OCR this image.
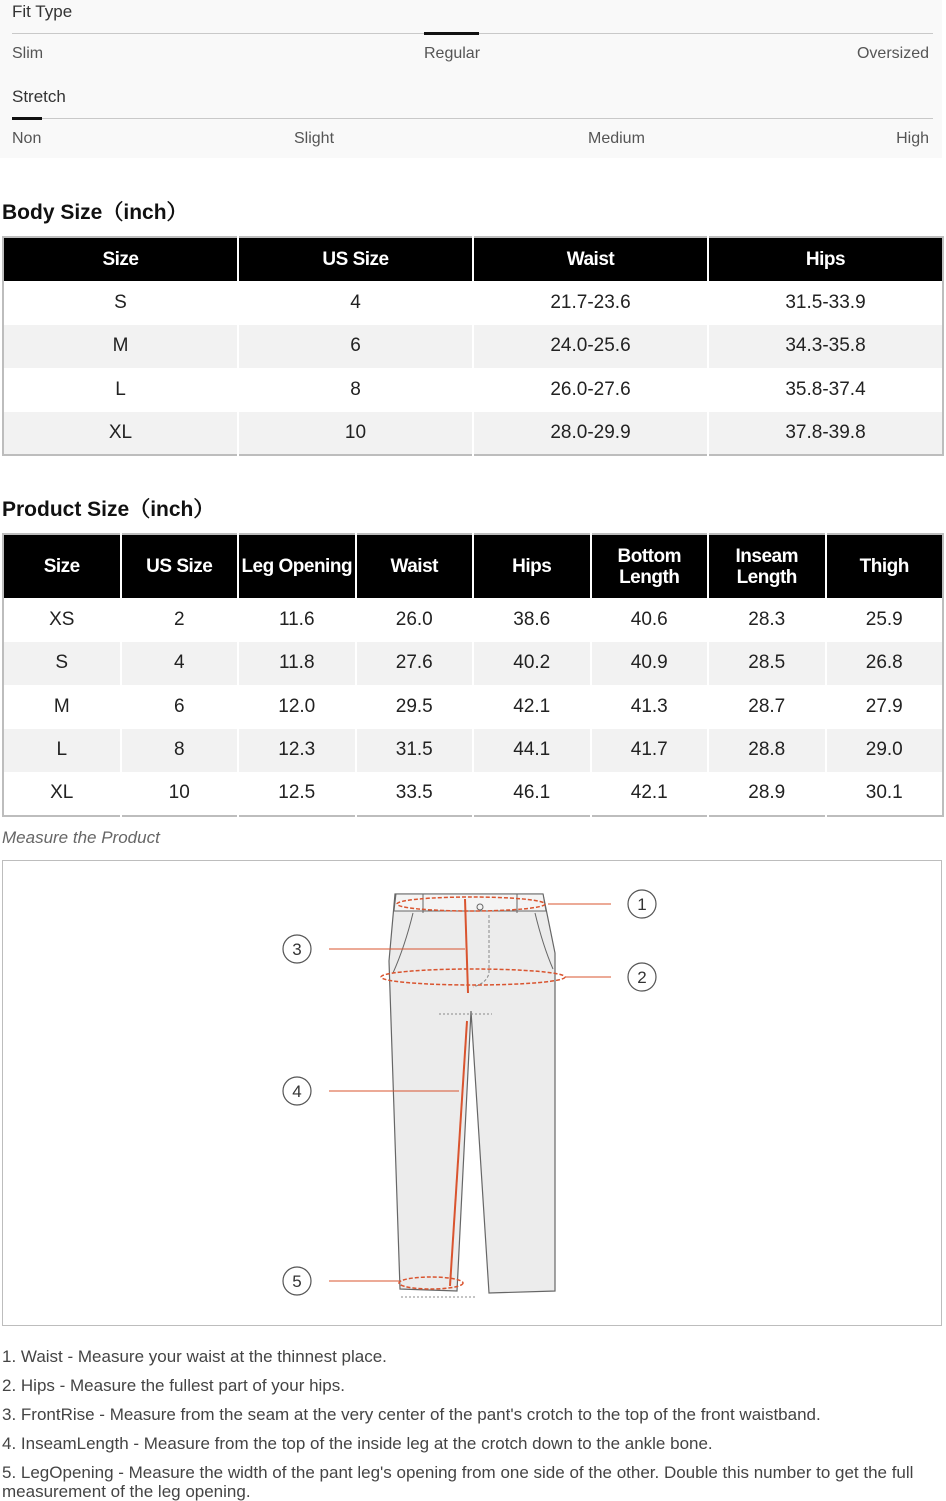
Fit Type
Slim	Regular	Oversized
Stretch
Non	Slight	Medium	High
Body Size（inch）
Size	US Size	Waist	Hips
S	4	21.7-23.6	31.5-33.9
M	6	24.0-25.6	34.3-35.8
L	8	26.0-27.6	35.8-37.4
XL	10	28.0-29.9	37.8-39.8
Product Size（inch）
Size	US Size	Leg Opening	Waist	Hips	Bottom Length	Inseam Length	Thigh
XS	2	11.6	26.0	38.6	40.6	28.3	25.9
S	4	11.8	27.6	40.2	40.9	28.5	26.8
M	6	12.0	29.5	42.1	41.3	28.7	27.9
L	8	12.3	31.5	44.1	41.7	28.8	29.0
XL	10	12.5	33.5	46.1	42.1	28.9	30.1
Measure the Product
1
2
3
4
5

1. Waist - Measure your waist at the thinnest place.

2. Hips - Measure the fullest part of your hips.

3. FrontRise - Measure from the seam at the very center of the pant's crotch to the top of the front waistband.

4. InseamLength - Measure from the top of the inside leg at the crotch down to the ankle bone.

5. LegOpening - Measure the width of the pant leg's opening from one side of the other. Double this number to get the full measurement of the leg opening.
